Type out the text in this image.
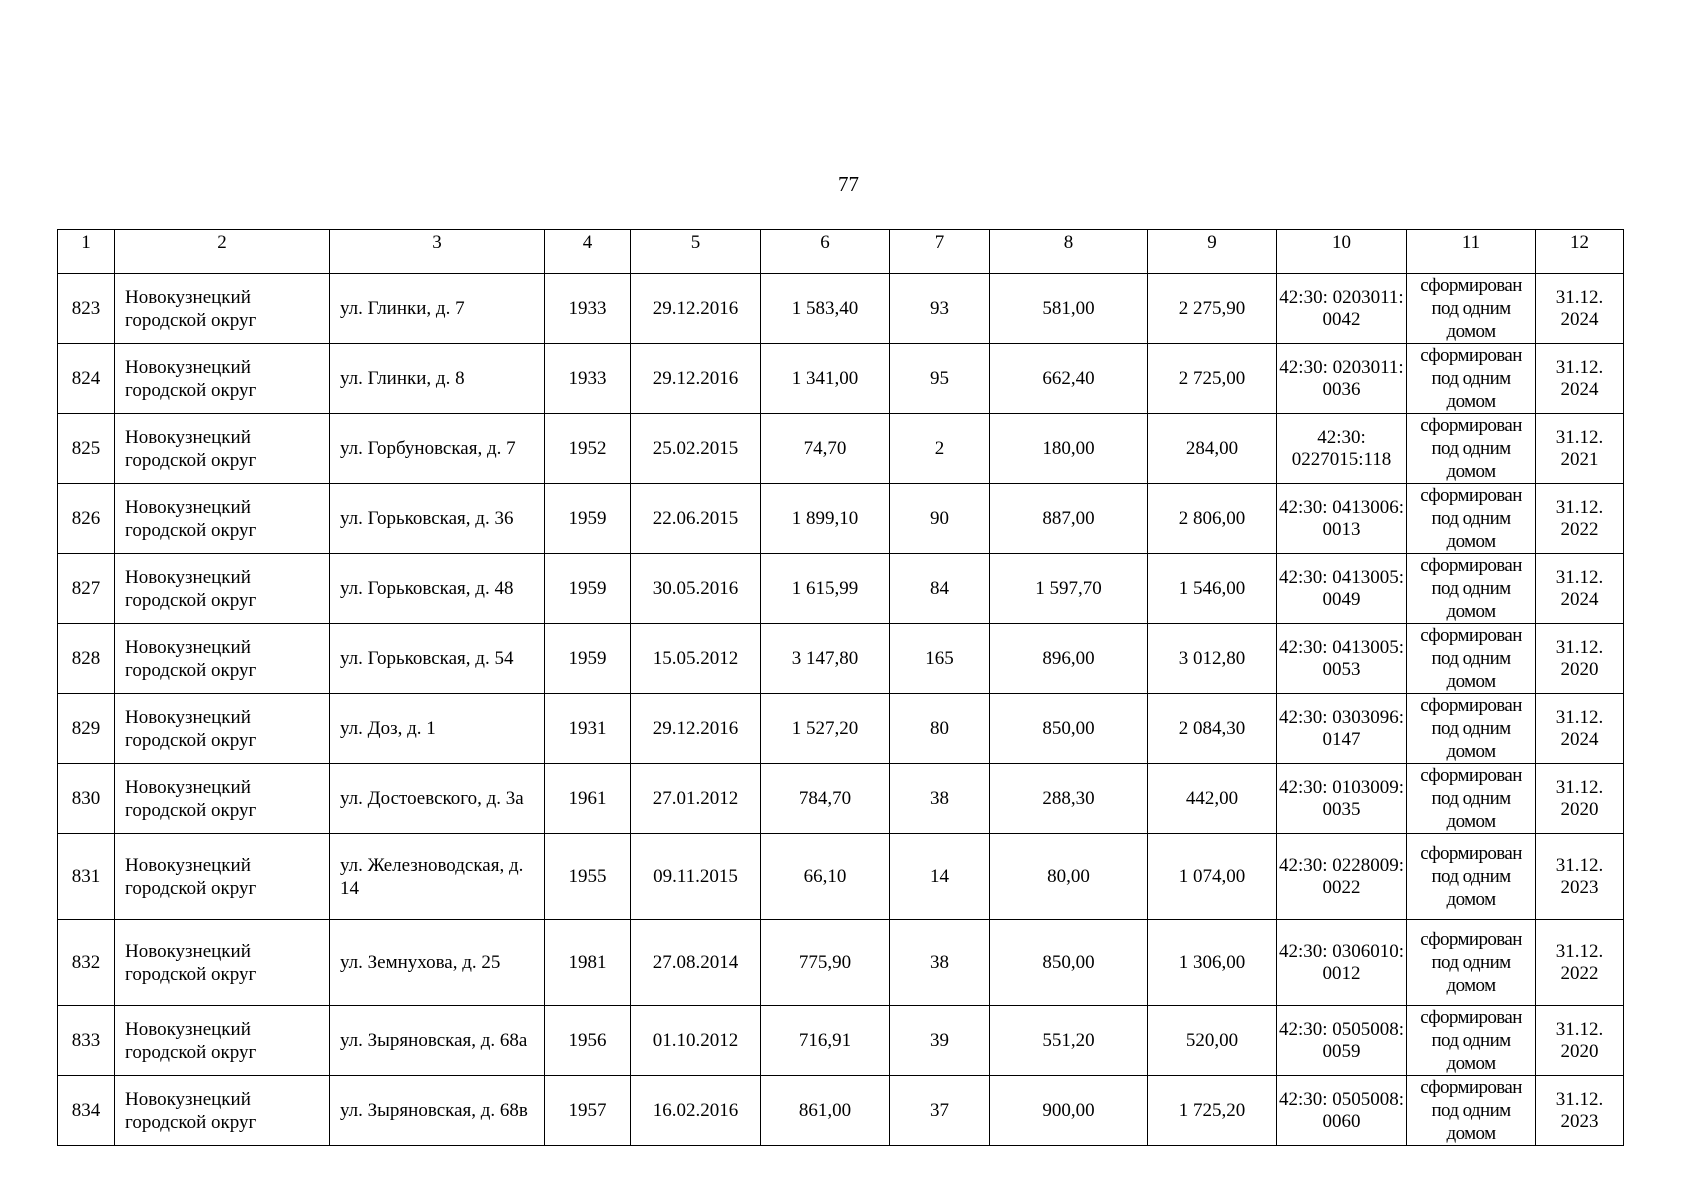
77
1	2	3	4	5	6	7	8	9	10	11	12
823	Новокузнецкий городской округ	ул. Глинки, д. 7	1933	29.12.2016	1 583,40	93	581,00	2 275,90	42:30: 0203011: 0042	сформирован под одним домом	31.12. 2024
824	Новокузнецкий городской округ	ул. Глинки, д. 8	1933	29.12.2016	1 341,00	95	662,40	2 725,00	42:30: 0203011: 0036	сформирован под одним домом	31.12. 2024
825	Новокузнецкий городской округ	ул. Горбуновская, д. 7	1952	25.02.2015	74,70	2	180,00	284,00	42:30: 0227015:118	сформирован под одним домом	31.12. 2021
826	Новокузнецкий городской округ	ул. Горьковская, д. 36	1959	22.06.2015	1 899,10	90	887,00	2 806,00	42:30: 0413006: 0013	сформирован под одним домом	31.12. 2022
827	Новокузнецкий городской округ	ул. Горьковская, д. 48	1959	30.05.2016	1 615,99	84	1 597,70	1 546,00	42:30: 0413005: 0049	сформирован под одним домом	31.12. 2024
828	Новокузнецкий городской округ	ул. Горьковская, д. 54	1959	15.05.2012	3 147,80	165	896,00	3 012,80	42:30: 0413005: 0053	сформирован под одним домом	31.12. 2020
829	Новокузнецкий городской округ	ул. Доз, д. 1	1931	29.12.2016	1 527,20	80	850,00	2 084,30	42:30: 0303096: 0147	сформирован под одним домом	31.12. 2024
830	Новокузнецкий городской округ	ул. Достоевского, д. 3а	1961	27.01.2012	784,70	38	288,30	442,00	42:30: 0103009: 0035	сформирован под одним домом	31.12. 2020
831	Новокузнецкий городской округ	ул. Железноводская, д. 14	1955	09.11.2015	66,10	14	80,00	1 074,00	42:30: 0228009: 0022	сформирован под одним домом	31.12. 2023
832	Новокузнецкий городской округ	ул. Земнухова, д. 25	1981	27.08.2014	775,90	38	850,00	1 306,00	42:30: 0306010: 0012	сформирован под одним домом	31.12. 2022
833	Новокузнецкий городской округ	ул. Зыряновская, д. 68а	1956	01.10.2012	716,91	39	551,20	520,00	42:30: 0505008: 0059	сформирован под одним домом	31.12. 2020
834	Новокузнецкий городской округ	ул. Зыряновская, д. 68в	1957	16.02.2016	861,00	37	900,00	1 725,20	42:30: 0505008: 0060	сформирован под одним домом	31.12. 2023
